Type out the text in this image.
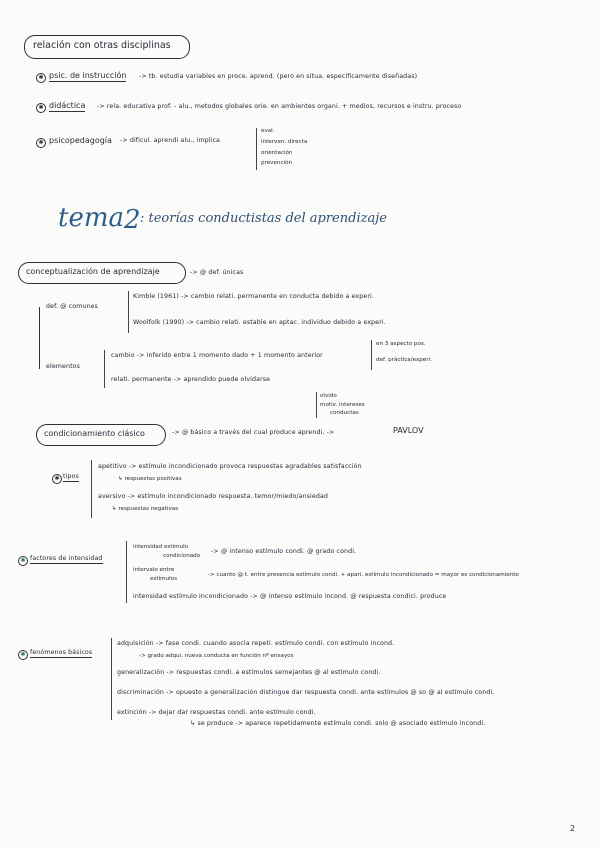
relación con otras disciplinas
✱ psic. de instrucción -> tb. estudia variables en proce. aprend. (pero en situa. específicamente diseñadas)
✱ didáctica -> rela. educativa prof. - alu., metodos globales orie. en ambientes organi. + medios, recursos e instru. proceso
✱ psicopedagogía -> dificul. aprendi alu., implica
eval.
interven. directa
orientación
prevención
tema 2 : teorías conductistas del aprendizaje
conceptualización de aprendizaje	-> @ def. únicas
def. @ comunes
Kimble (1961) -> cambio relati. permanente en conducta debido a experi.
Woolfolk (1990) -> cambio relati. estable en aptac. individuo debido a experi.
elementos
cambio -> inferido entre 1 momento dado + 1 momento anterior
en 3 aspecto pos.
def. práctica/experi.
relati. permanente -> aprendido puede olvidarse
olvido
motiv. intereses
conductas
condicionamiento clásico	-> @ básico a través del cual produce aprendi. ->	PAVLOV
✱ tipos
apetitivo -> estímulo incondicionado provoca respuestas agradables satisfacción
↳ respuestas positivas
aversivo -> estímulo incondicionado respuesta. temor/miedo/ansiedad
↳ respuestas negativas
✱ factores de intensidad
intensidad estímulo
condicionado
-> @ intenso estímulo condi. @ grado condi.
intervalo entre
estímulos
-> cuanto @ t. entre presencia estímulo condi. + apari. estímulo incondicionado = mayor es condicionamiento
intensidad estímulo incondicionado -> @ intenso estímulo incond. @ respuesta condici. produce
✱ fenómenos básicos
adquisición -> fase condi. cuando asocia repeti. estímulo condi. con estímulo incond.
-> grado adqui. nueva conducta en función nº ensayos
generalización -> respuestas condi. a estímulos semejantes @ al estímulo condi.
discriminación -> opuesto a generalización distingue dar respuesta condi. ante estímulos @ so @ al estímulo condi.
extinción -> dejar dar respuestas condi. ante estímulo condi.
↳ se produce -> aparece repetidamente estímulo condi. solo @ asociado estímulo incondi.
2
